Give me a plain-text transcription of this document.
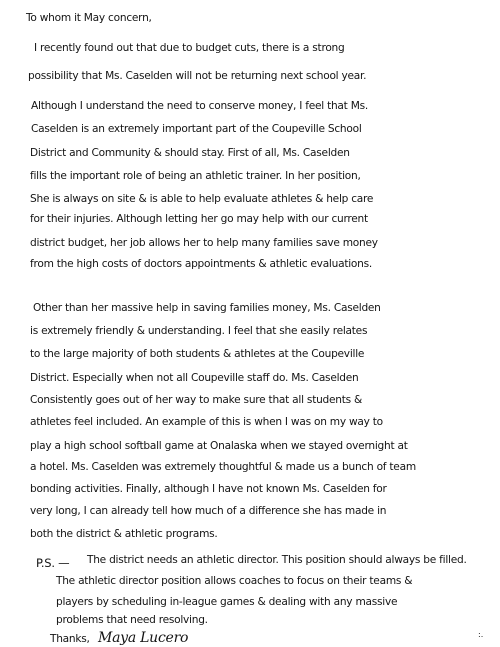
To whom it May concern,
I recently found out that due to budget cuts, there is a strong
possibility that Ms. Caselden will not be returning next school year.
Although I understand the need to conserve money, I feel that Ms.
Caselden is an extremely important part of the Coupeville School
District and Community & should stay. First of all, Ms. Caselden
fills the important role of being an athletic trainer. In her position,
She is always on site & is able to help evaluate athletes & help care
for their injuries. Although letting her go may help with our current
district budget, her job allows her to help many families save money
from the high costs of doctors appointments & athletic evaluations.
Other than her massive help in saving families money, Ms. Caselden
is extremely friendly & understanding. I feel that she easily relates
to the large majority of both students & athletes at the Coupeville
District. Especially when not all Coupeville staff do. Ms. Caselden
Consistently goes out of her way to make sure that all students &
athletes feel included. An example of this is when I was on my way to
play a high school softball game at Onalaska when we stayed overnight at
a hotel. Ms. Caselden was extremely thoughtful & made us a bunch of team
bonding activities. Finally, although I have not known Ms. Caselden for
very long, I can already tell how much of a difference she has made in
both the district & athletic programs.
P.S. — The district needs an athletic director. This position should always be filled.
The athletic director position allows coaches to focus on their teams &
players by scheduling in-league games & dealing with any massive
problems that need resolving.
Thanks, Maya Lucero	:.
